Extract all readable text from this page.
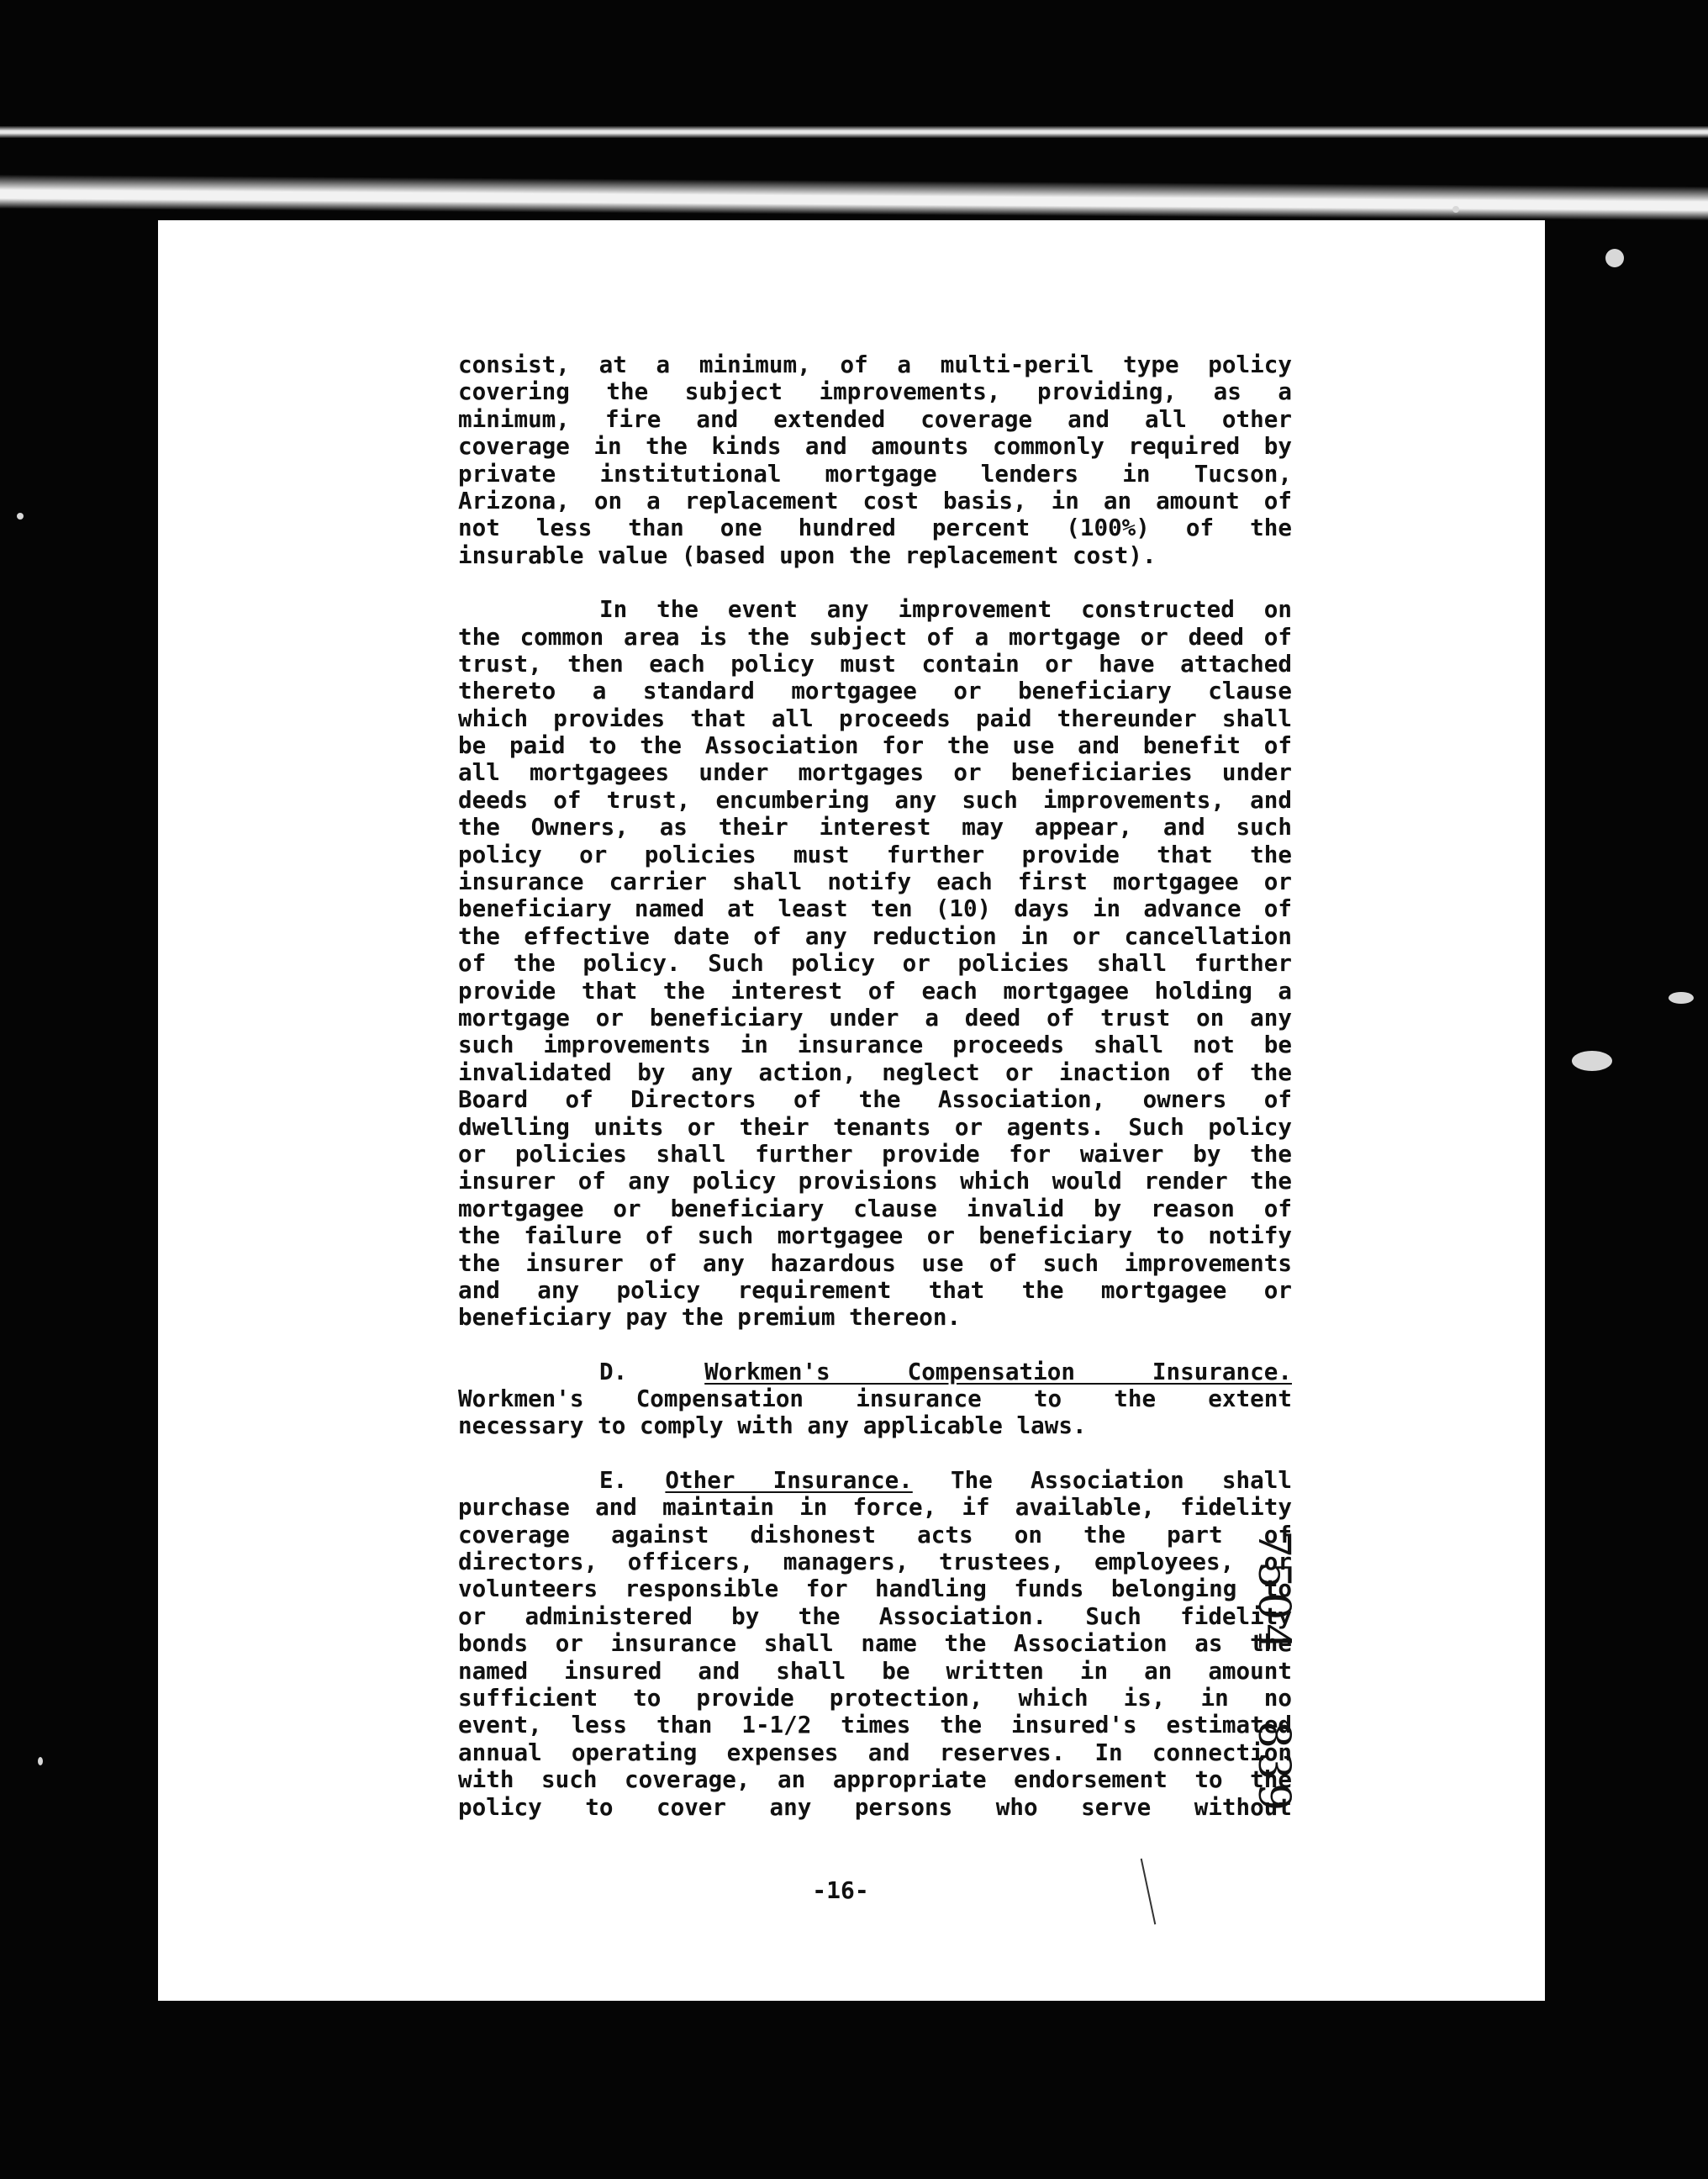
consist, at a minimum, of a multi-peril type policy
covering the subject improvements, providing, as a
minimum, fire and extended coverage and all other
coverage in the kinds and amounts commonly required by
private institutional mortgage lenders in Tucson,
Arizona, on a replacement cost basis, in an amount of
not less than one hundred percent (100%) of the
insurable value (based upon the replacement cost).
In the event any improvement constructed on
the common area is the subject of a mortgage or deed of
trust, then each policy must contain or have attached
thereto a standard mortgagee or beneficiary clause
which provides that all proceeds paid thereunder shall
be paid to the Association for the use and benefit of
all mortgagees under mortgages or beneficiaries under
deeds of trust, encumbering any such improvements, and
the Owners, as their interest may appear, and such
policy or policies must further provide that the
insurance carrier shall notify each first mortgagee or
beneficiary named at least ten (10) days in advance of
the effective date of any reduction in or cancellation
of the policy. Such policy or policies shall further
provide that the interest of each mortgagee holding a
mortgage or beneficiary under a deed of trust on any
such improvements in insurance proceeds shall not be
invalidated by any action, neglect or inaction of the
Board of Directors of the Association, owners of
dwelling units or their tenants or agents. Such policy
or policies shall further provide for waiver by the
insurer of any policy provisions which would render the
mortgagee or beneficiary clause invalid by reason of
the failure of such mortgagee or beneficiary to notify
the insurer of any hazardous use of such improvements
and any policy requirement that the mortgagee or
beneficiary pay the premium thereon.
D.	Workmen's Compensation Insurance.
Workmen's Compensation insurance to the extent
necessary to comply with any applicable laws.
E. Other Insurance. The Association shall
purchase and maintain in force, if available, fidelity
coverage against dishonest acts on the part of
directors, officers, managers, trustees, employees, or
volunteers responsible for handling funds belonging to
or administered by the Association. Such fidelity
bonds or insurance shall name the Association as the
named insured and shall be written in an amount
sufficient to provide protection, which is, in no
event, less than 1-1/2 times the insured's estimated
annual operating expenses and reserves. In connection
with such coverage, an appropriate endorsement to the
policy to cover any persons who serve without
7504 839
-16-
